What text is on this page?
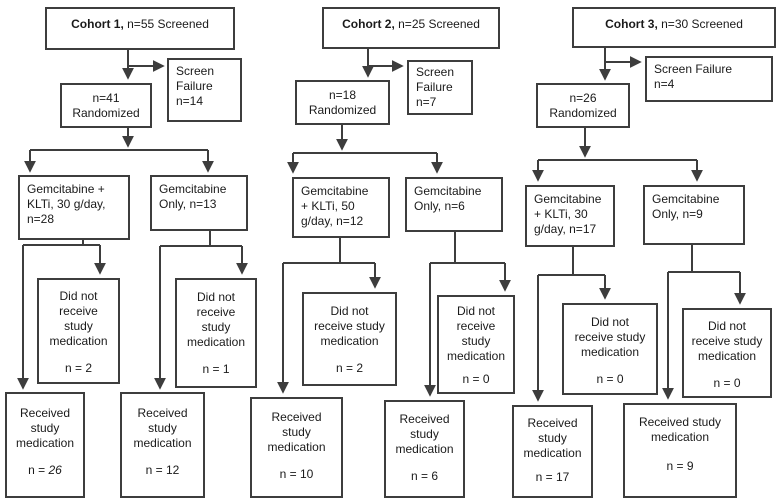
Cohort 1, n=55 Screened
Screen
Failure
n=14
n=41
Randomized
Gemcitabine +
KLTi, 30 g/day,
n=28
Gemcitabine
Only, n=13
Did not
receive
study
medication
n = 2
Did not
receive
study
medication
n = 1
Received
study
medication
n = 26
Received
study
medication
n = 12
Cohort 2, n=25 Screened
Screen
Failure
n=7
n=18
Randomized
Gemcitabine
+ KLTi, 50
g/day, n=12
Gemcitabine
Only, n=6
Did not
receive study
medication
n = 2
Did not
receive
study
medication
n = 0
Received
study
medication
n = 10
Received
study
medication
n = 6
Cohort 3, n=30 Screened
Screen Failure
n=4
n=26
Randomized
Gemcitabine
+ KLTi, 30
g/day, n=17
Gemcitabine
Only, n=9
Did not
receive study
medication
n = 0
Did not
receive study
medication
n = 0
Received
study
medication
n = 17
Received study
medication
n = 9
